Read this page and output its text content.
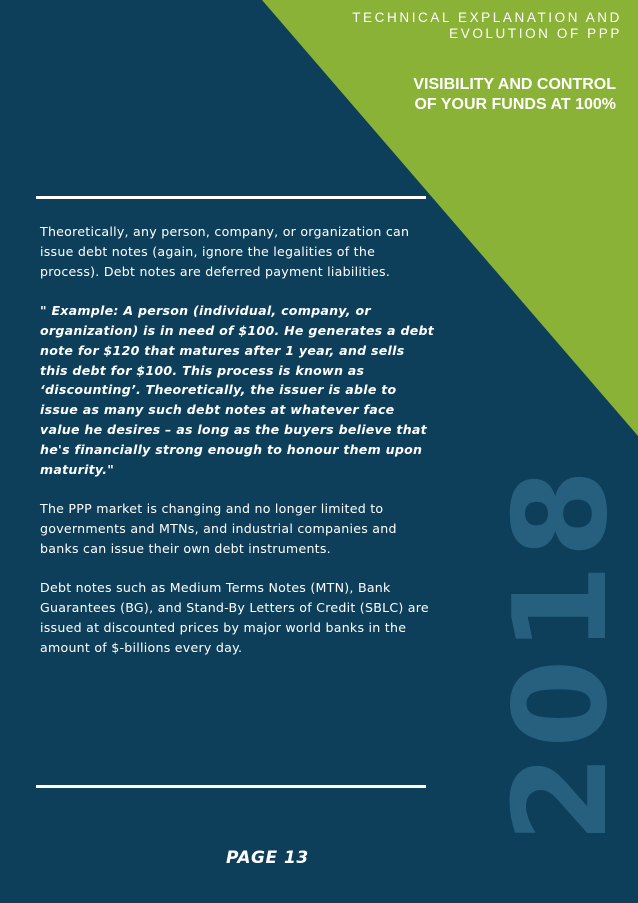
TECHNICAL EXPLANATION AND
EVOLUTION OF PPP
VISIBILITY AND CONTROL
OF YOUR FUNDS AT 100%

Theoretically, any person, company, or organization can issue debt notes (again, ignore the legalities of the process). Debt notes are deferred payment liabilities.

" Example: A person (individual, company, or organization) is in need of $100. He generates a debt note for $120 that matures after 1 year, and sells this debt for $100. This process is known as ‘discounting’. Theoretically, the issuer is able to issue as many such debt notes at whatever face value he desires – as long as the buyers believe that he's financially strong enough to honour them upon maturity."

The PPP market is changing and no longer limited to governments and MTNs, and industrial companies and banks can issue their own debt instruments.

Debt notes such as Medium Terms Notes (MTN), Bank Guarantees (BG), and Stand-By Letters of Credit (SBLC) are issued at discounted prices by major world banks in the amount of $-billions every day.	2018
PAGE 13
